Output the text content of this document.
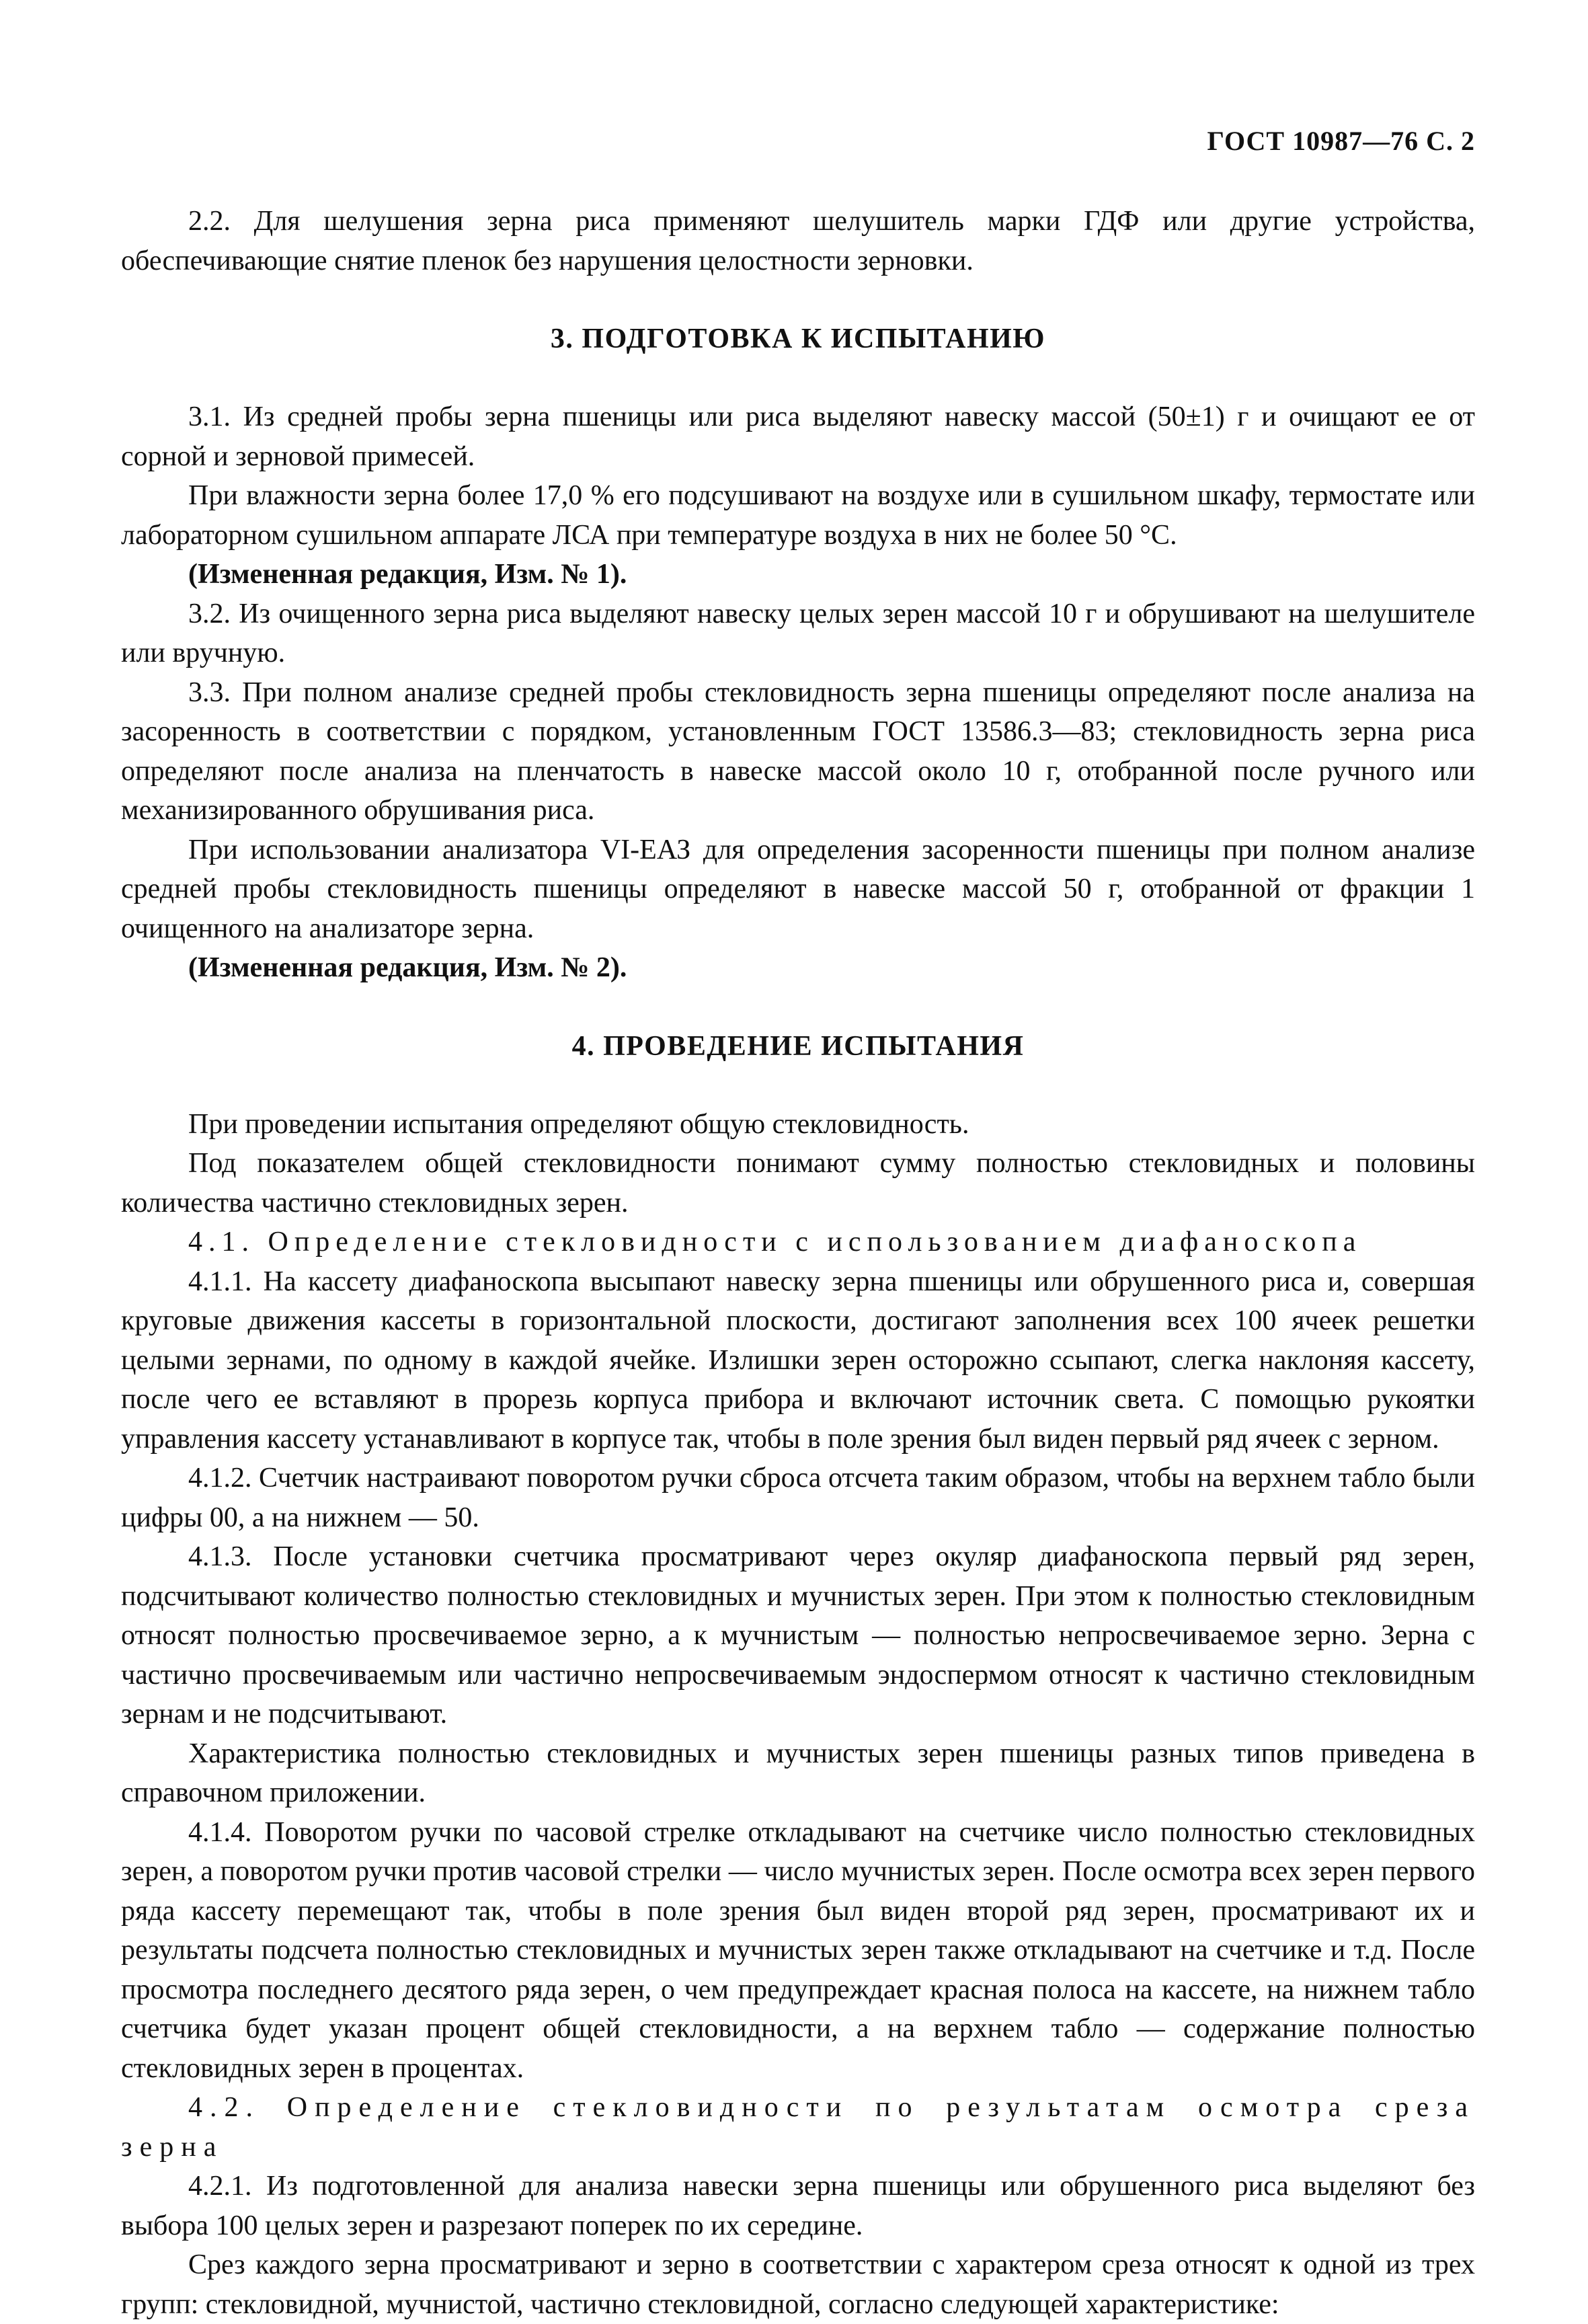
ГОСТ 10987—76 С. 2

2.2. Для шелушения зерна риса применяют шелушитель марки ГДФ или другие устройства, обеспечивающие снятие пленок без нарушения целостности зерновки.

3. ПОДГОТОВКА К ИСПЫТАНИЮ

3.1. Из средней пробы зерна пшеницы или риса выделяют навеску массой (50±1) г и очищают ее от сорной и зерновой примесей.

При влажности зерна более 17,0 % его подсушивают на воздухе или в сушильном шкафу, термостате или лабораторном сушильном аппарате ЛСА при температуре воздуха в них не более 50 °С.

(Измененная редакция, Изм. № 1).

3.2. Из очищенного зерна риса выделяют навеску целых зерен массой 10 г и обрушивают на шелушителе или вручную.

3.3. При полном анализе средней пробы стекловидность зерна пшеницы определяют после анализа на засоренность в соответствии с порядком, установленным ГОСТ 13586.3—83; стекловидность зерна риса определяют после анализа на пленчатость в навеске массой около 10 г, отобранной после ручного или механизированного обрушивания риса.

При использовании анализатора VI-ЕАЗ для определения засоренности пшеницы при полном анализе средней пробы стекловидность пшеницы определяют в навеске массой 50 г, отобранной от фракции 1 очищенного на анализаторе зерна.

(Измененная редакция, Изм. № 2).

4. ПРОВЕДЕНИЕ ИСПЫТАНИЯ

При проведении испытания определяют общую стекловидность.

Под показателем общей стекловидности понимают сумму полностью стекловидных и половины количества частично стекловидных зерен.

4.1. Определение стекловидности с использованием диафаноскопа

4.1.1. На кассету диафаноскопа высыпают навеску зерна пшеницы или обрушенного риса и, совершая круговые движения кассеты в горизонтальной плоскости, достигают заполнения всех 100 ячеек решетки целыми зернами, по одному в каждой ячейке. Излишки зерен осторожно ссыпают, слегка наклоняя кассету, после чего ее вставляют в прорезь корпуса прибора и включают источник света. С помощью рукоятки управления кассету устанавливают в корпусе так, чтобы в поле зрения был виден первый ряд ячеек с зерном.

4.1.2. Счетчик настраивают поворотом ручки сброса отсчета таким образом, чтобы на верхнем табло были цифры 00, а на нижнем — 50.

4.1.3. После установки счетчика просматривают через окуляр диафаноскопа первый ряд зерен, подсчитывают количество полностью стекловидных и мучнистых зерен. При этом к полностью стекловидным относят полностью просвечиваемое зерно, а к мучнистым — полностью непросвечиваемое зерно. Зерна с частично просвечиваемым или частично непросвечиваемым эндоспермом относят к частично стекловидным зернам и не подсчитывают.

Характеристика полностью стекловидных и мучнистых зерен пшеницы разных типов приведена в справочном приложении.

4.1.4. Поворотом ручки по часовой стрелке откладывают на счетчике число полностью стекловидных зерен, а поворотом ручки против часовой стрелки — число мучнистых зерен. После осмотра всех зерен первого ряда кассету перемещают так, чтобы в поле зрения был виден второй ряд зерен, просматривают их и результаты подсчета полностью стекловидных и мучнистых зерен также откладывают на счетчике и т.д. После просмотра последнего десятого ряда зерен, о чем предупреждает красная полоса на кассете, на нижнем табло счетчика будет указан процент общей стекловидности, а на верхнем табло — содержание полностью стекловидных зерен в процентах.

4.2. Определение стекловидности по результатам осмотра среза зерна

4.2.1. Из подготовленной для анализа навески зерна пшеницы или обрушенного риса выделяют без выбора 100 целых зерен и разрезают поперек по их середине.

Срез каждого зерна просматривают и зерно в соответствии с характером среза относят к одной из трех групп: стекловидной, мучнистой, частично стекловидной, согласно следующей характеристике:
